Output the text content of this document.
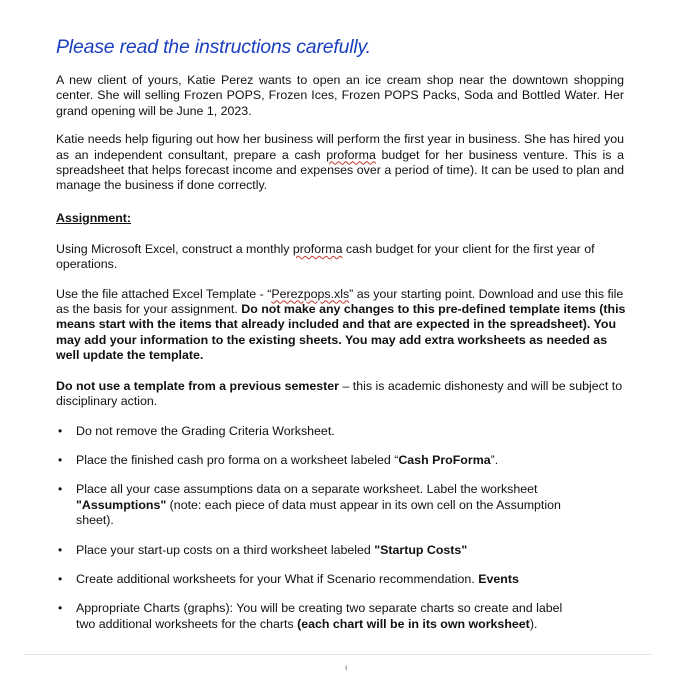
Please read the instructions carefully.

A new client of yours, Katie Perez wants to open an ice cream shop near the downtown shopping center. She will selling Frozen POPS, Frozen Ices, Frozen POPS Packs, Soda and Bottled Water. Her grand opening will be June 1, 2023.

Katie needs help figuring out how her business will perform the first year in business. She has hired you as an independent consultant, prepare a cash proforma budget for her business venture. This is a spreadsheet that helps forecast income and expenses over a period of time). It can be used to plan and manage the business if done correctly.

Assignment:

Using Microsoft Excel, construct a monthly proforma cash budget for your client for the first year of operations.

Use the file attached Excel Template - “Perezpops.xls” as your starting point. Download and use this file as the basis for your assignment. Do not make any changes to this pre-defined template items (this means start with the items that already included and that are expected in the spreadsheet). You may add your information to the existing sheets. You may add extra worksheets as needed as well update the template.

Do not use a template from a previous semester – this is academic dishonesty and will be subject to disciplinary action.

• Do not remove the Grading Criteria Worksheet.
• Place the finished cash pro forma on a worksheet labeled “Cash ProForma”.
• Place all your case assumptions data on a separate worksheet. Label the worksheet "Assumptions" (note: each piece of data must appear in its own cell on the Assumption sheet).
• Place your start-up costs on a third worksheet labeled "Startup Costs"
• Create additional worksheets for your What if Scenario recommendation. Events
• Appropriate Charts (graphs): You will be creating two separate charts so create and label two additional worksheets for the charts (each chart will be in its own worksheet).
ı
